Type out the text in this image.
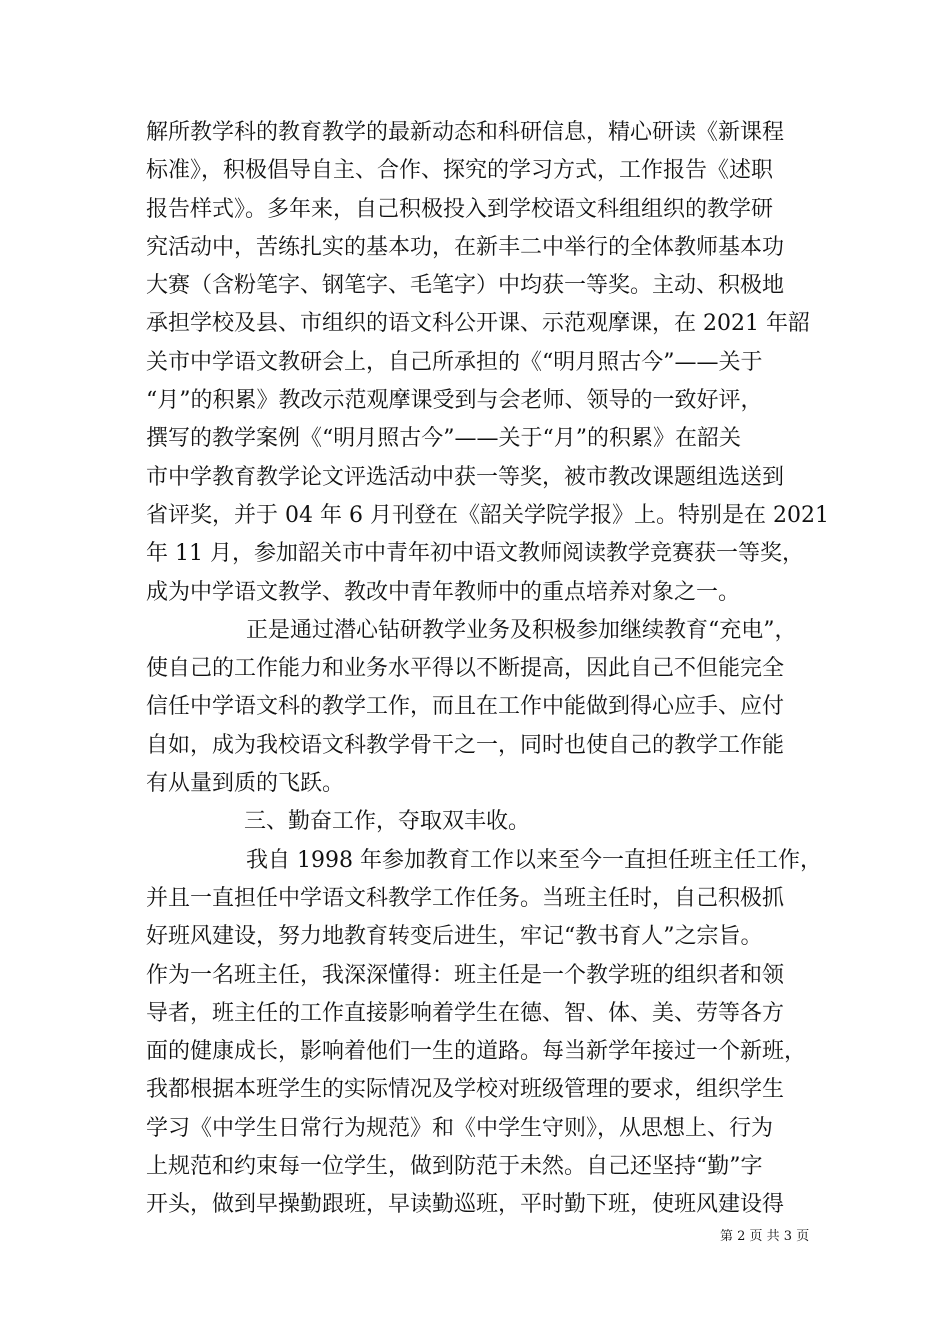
解所教学科的教育教学的最新动态和科研信息，精心研读《新课程
标准》，积极倡导自主、合作、探究的学习方式，工作报告《述职
报告样式》。多年来，自己积极投入到学校语文科组组织的教学研
究活动中，苦练扎实的基本功，在新丰二中举行的全体教师基本功
大赛（含粉笔字、钢笔字、毛笔字）中均获一等奖。主动、积极地
承担学校及县、市组织的语文科公开课、示范观摩课，在 2021 年韶
关市中学语文教研会上，自己所承担的《“明月照古今”——关于
“月”的积累》教改示范观摩课受到与会老师、领导的一致好评，
撰写的教学案例《“明月照古今”——关于“月”的积累》在韶关
市中学教育教学论文评选活动中获一等奖，被市教改课题组选送到
省评奖，并于 04 年 6 月刊登在《韶关学院学报》上。特别是在 2021
年 11 月，参加韶关市中青年初中语文教师阅读教学竞赛获一等奖，
成为中学语文教学、教改中青年教师中的重点培养对象之一。
正是通过潜心钻研教学业务及积极参加继续教育“充电”，
使自己的工作能力和业务水平得以不断提高，因此自己不但能完全
信任中学语文科的教学工作，而且在工作中能做到得心应手、应付
自如，成为我校语文科教学骨干之一，同时也使自己的教学工作能
有从量到质的飞跃。
三、勤奋工作，夺取双丰收。
我自 1998 年参加教育工作以来至今一直担任班主任工作，
并且一直担任中学语文科教学工作任务。当班主任时，自己积极抓
好班风建设，努力地教育转变后进生，牢记“教书育人”之宗旨。
作为一名班主任，我深深懂得：班主任是一个教学班的组织者和领
导者，班主任的工作直接影响着学生在德、智、体、美、劳等各方
面的健康成长，影响着他们一生的道路。每当新学年接过一个新班，
我都根据本班学生的实际情况及学校对班级管理的要求，组织学生
学习《中学生日常行为规范》和《中学生守则》，从思想上、行为
上规范和约束每一位学生，做到防范于未然。自己还坚持“勤”字
开头，做到早操勤跟班，早读勤巡班，平时勤下班，使班风建设得
第 2 页 共 3 页
